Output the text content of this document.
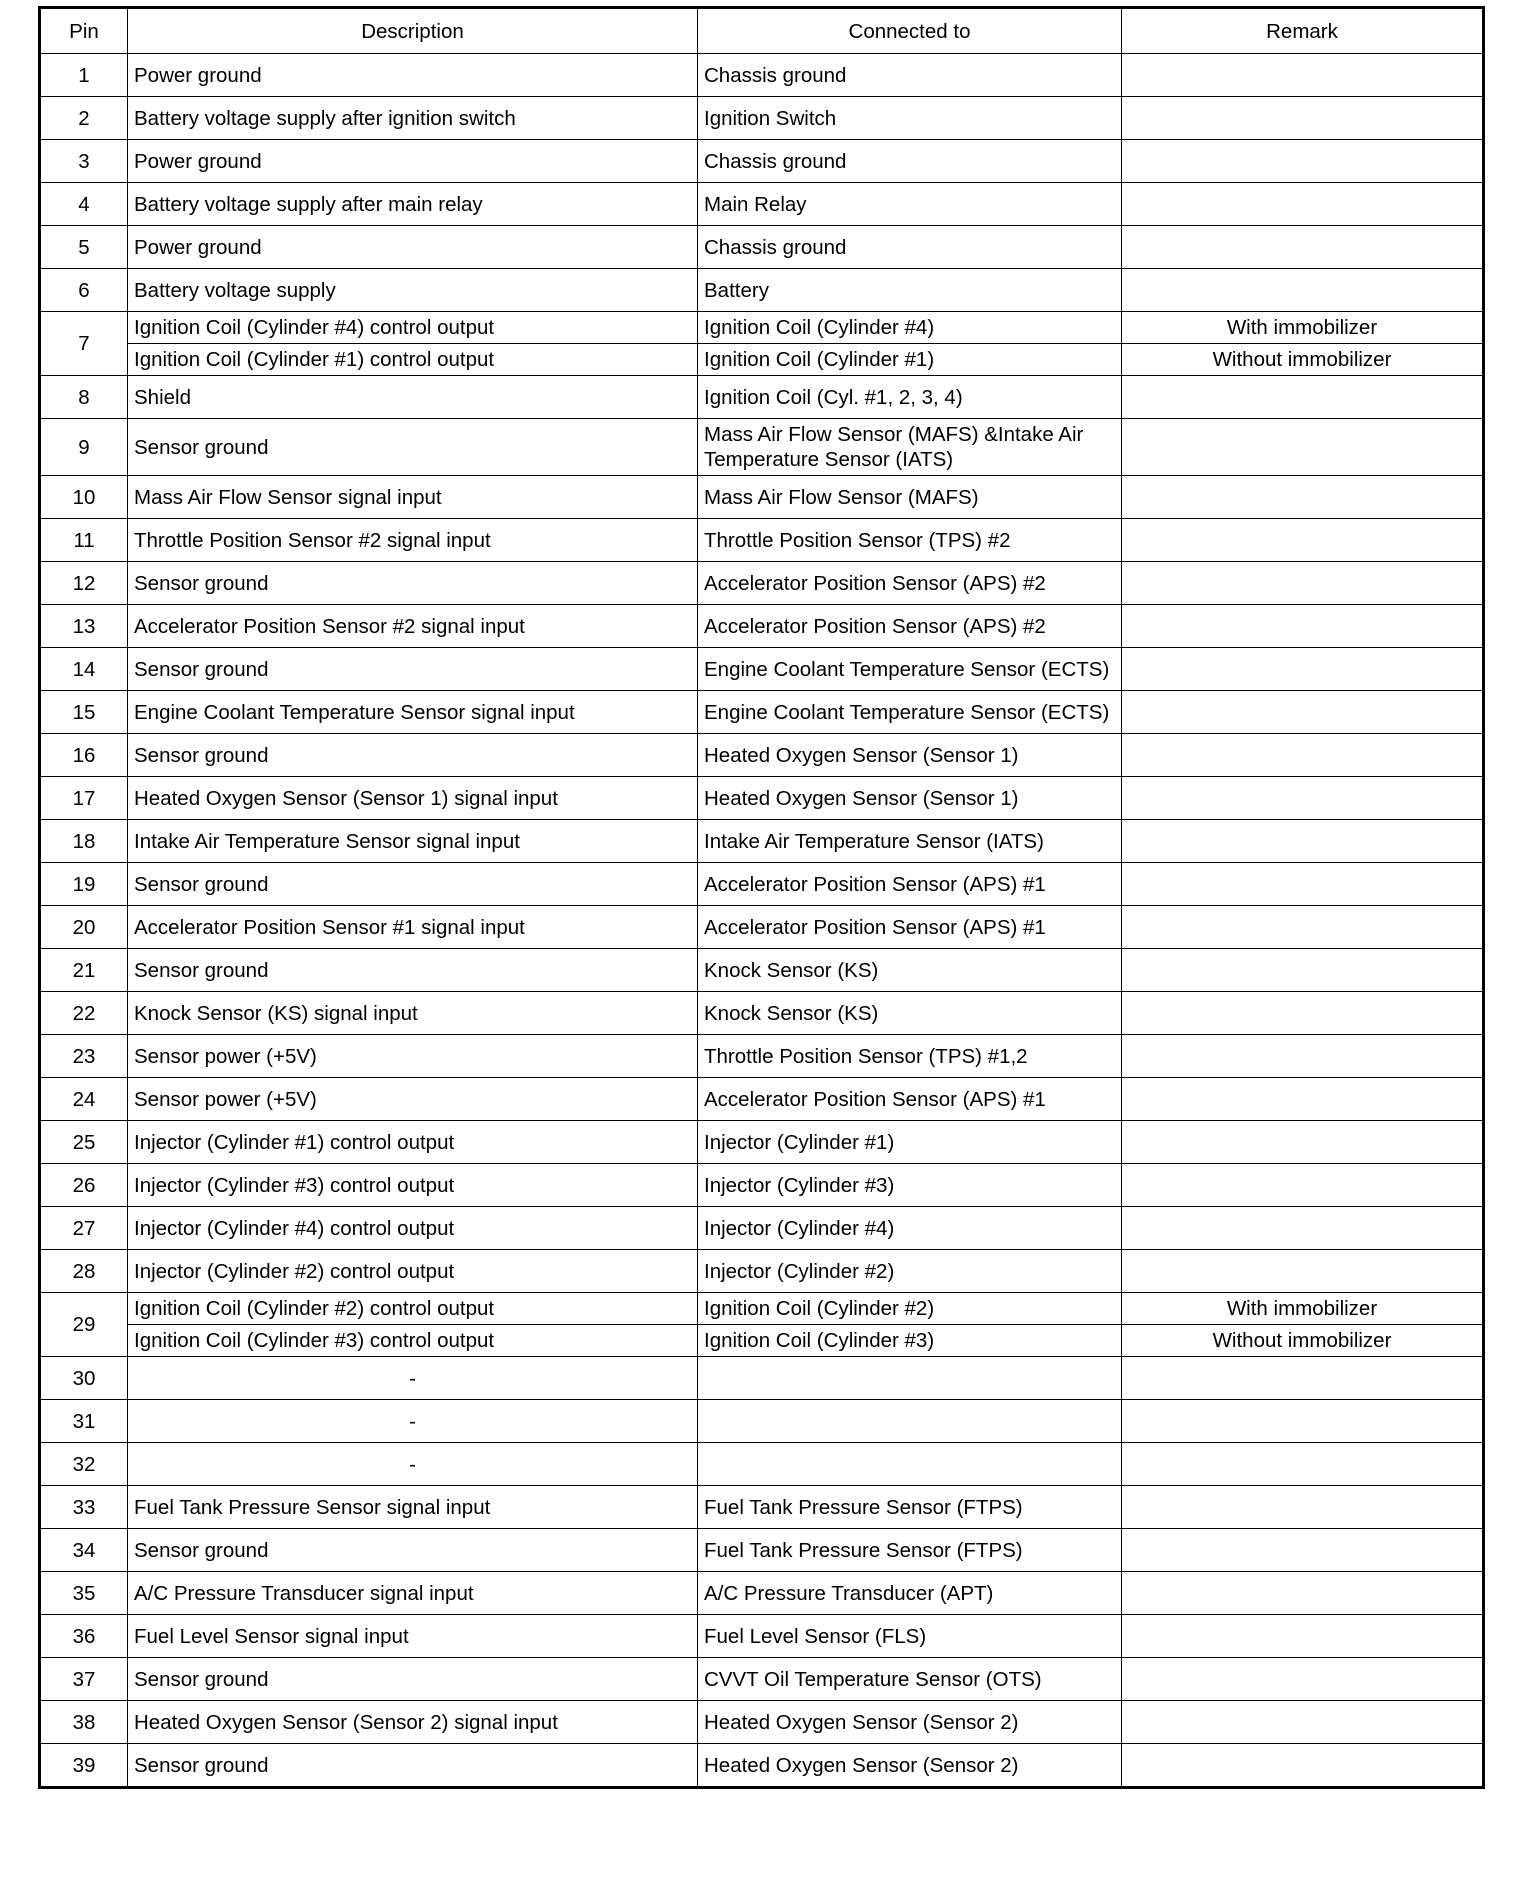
Pin	Description	Connected to	Remark
1	Power ground	Chassis ground	
2	Battery voltage supply after ignition switch	Ignition Switch	
3	Power ground	Chassis ground	
4	Battery voltage supply after main relay	Main Relay	
5	Power ground	Chassis ground	
6	Battery voltage supply	Battery	
7	Ignition Coil (Cylinder #4) control output	Ignition Coil (Cylinder #4)	With immobilizer
	Ignition Coil (Cylinder #1) control output	Ignition Coil (Cylinder #1)	Without immobilizer
8	Shield	Ignition Coil (Cyl. #1, 2, 3, 4)	
9	Sensor ground	Mass Air Flow Sensor (MAFS) &Intake Air Temperature Sensor (IATS)	
10	Mass Air Flow Sensor signal input	Mass Air Flow Sensor (MAFS)	
11	Throttle Position Sensor #2 signal input	Throttle Position Sensor (TPS) #2	
12	Sensor ground	Accelerator Position Sensor (APS) #2	
13	Accelerator Position Sensor #2 signal input	Accelerator Position Sensor (APS) #2	
14	Sensor ground	Engine Coolant Temperature Sensor (ECTS)	
15	Engine Coolant Temperature Sensor signal input	Engine Coolant Temperature Sensor (ECTS)	
16	Sensor ground	Heated Oxygen Sensor (Sensor 1)	
17	Heated Oxygen Sensor (Sensor 1) signal input	Heated Oxygen Sensor (Sensor 1)	
18	Intake Air Temperature Sensor signal input	Intake Air Temperature Sensor (IATS)	
19	Sensor ground	Accelerator Position Sensor (APS) #1	
20	Accelerator Position Sensor #1 signal input	Accelerator Position Sensor (APS) #1	
21	Sensor ground	Knock Sensor (KS)	
22	Knock Sensor (KS) signal input	Knock Sensor (KS)	
23	Sensor power (+5V)	Throttle Position Sensor (TPS) #1,2	
24	Sensor power (+5V)	Accelerator Position Sensor (APS) #1	
25	Injector (Cylinder #1) control output	Injector (Cylinder #1)	
26	Injector (Cylinder #3) control output	Injector (Cylinder #3)	
27	Injector (Cylinder #4) control output	Injector (Cylinder #4)	
28	Injector (Cylinder #2) control output	Injector (Cylinder #2)	
29	Ignition Coil (Cylinder #2) control output	Ignition Coil (Cylinder #2)	With immobilizer
	Ignition Coil (Cylinder #3) control output	Ignition Coil (Cylinder #3)	Without immobilizer
30	-		
31	-		
32	-		
33	Fuel Tank Pressure Sensor signal input	Fuel Tank Pressure Sensor (FTPS)	
34	Sensor ground	Fuel Tank Pressure Sensor (FTPS)	
35	A/C Pressure Transducer signal input	A/C Pressure Transducer (APT)	
36	Fuel Level Sensor signal input	Fuel Level Sensor (FLS)	
37	Sensor ground	CVVT Oil Temperature Sensor (OTS)	
38	Heated Oxygen Sensor (Sensor 2) signal input	Heated Oxygen Sensor (Sensor 2)	
39	Sensor ground	Heated Oxygen Sensor (Sensor 2)	
